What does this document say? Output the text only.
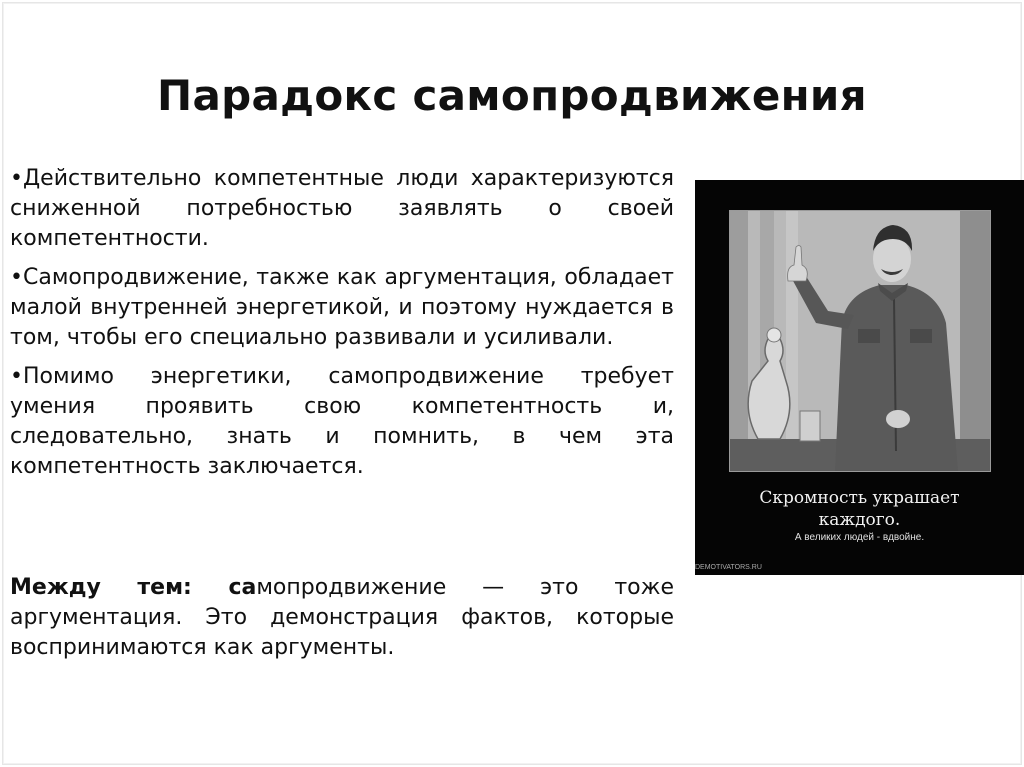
Парадокс самопродвижения

•Действительно компетентные люди характеризуются сниженной потребностью заявлять о своей компетентности.

•Самопродвижение, также как аргументация, обладает малой внутренней энергетикой, и поэтому нуждается в том, чтобы его специально развивали и усиливали.

•Помимо энергетики, самопродвижение требует умения проявить свою компетентность и, следовательно, знать и помнить, в чем эта компетентность заключается.

Между тем: самопродвижение — это тоже аргументация. Это демонстрация фактов, которые воспринимаются как аргументы.

Скромность украшает
каждого.
А великих людей - вдвойне.
DEMOTIVATORS.RU
